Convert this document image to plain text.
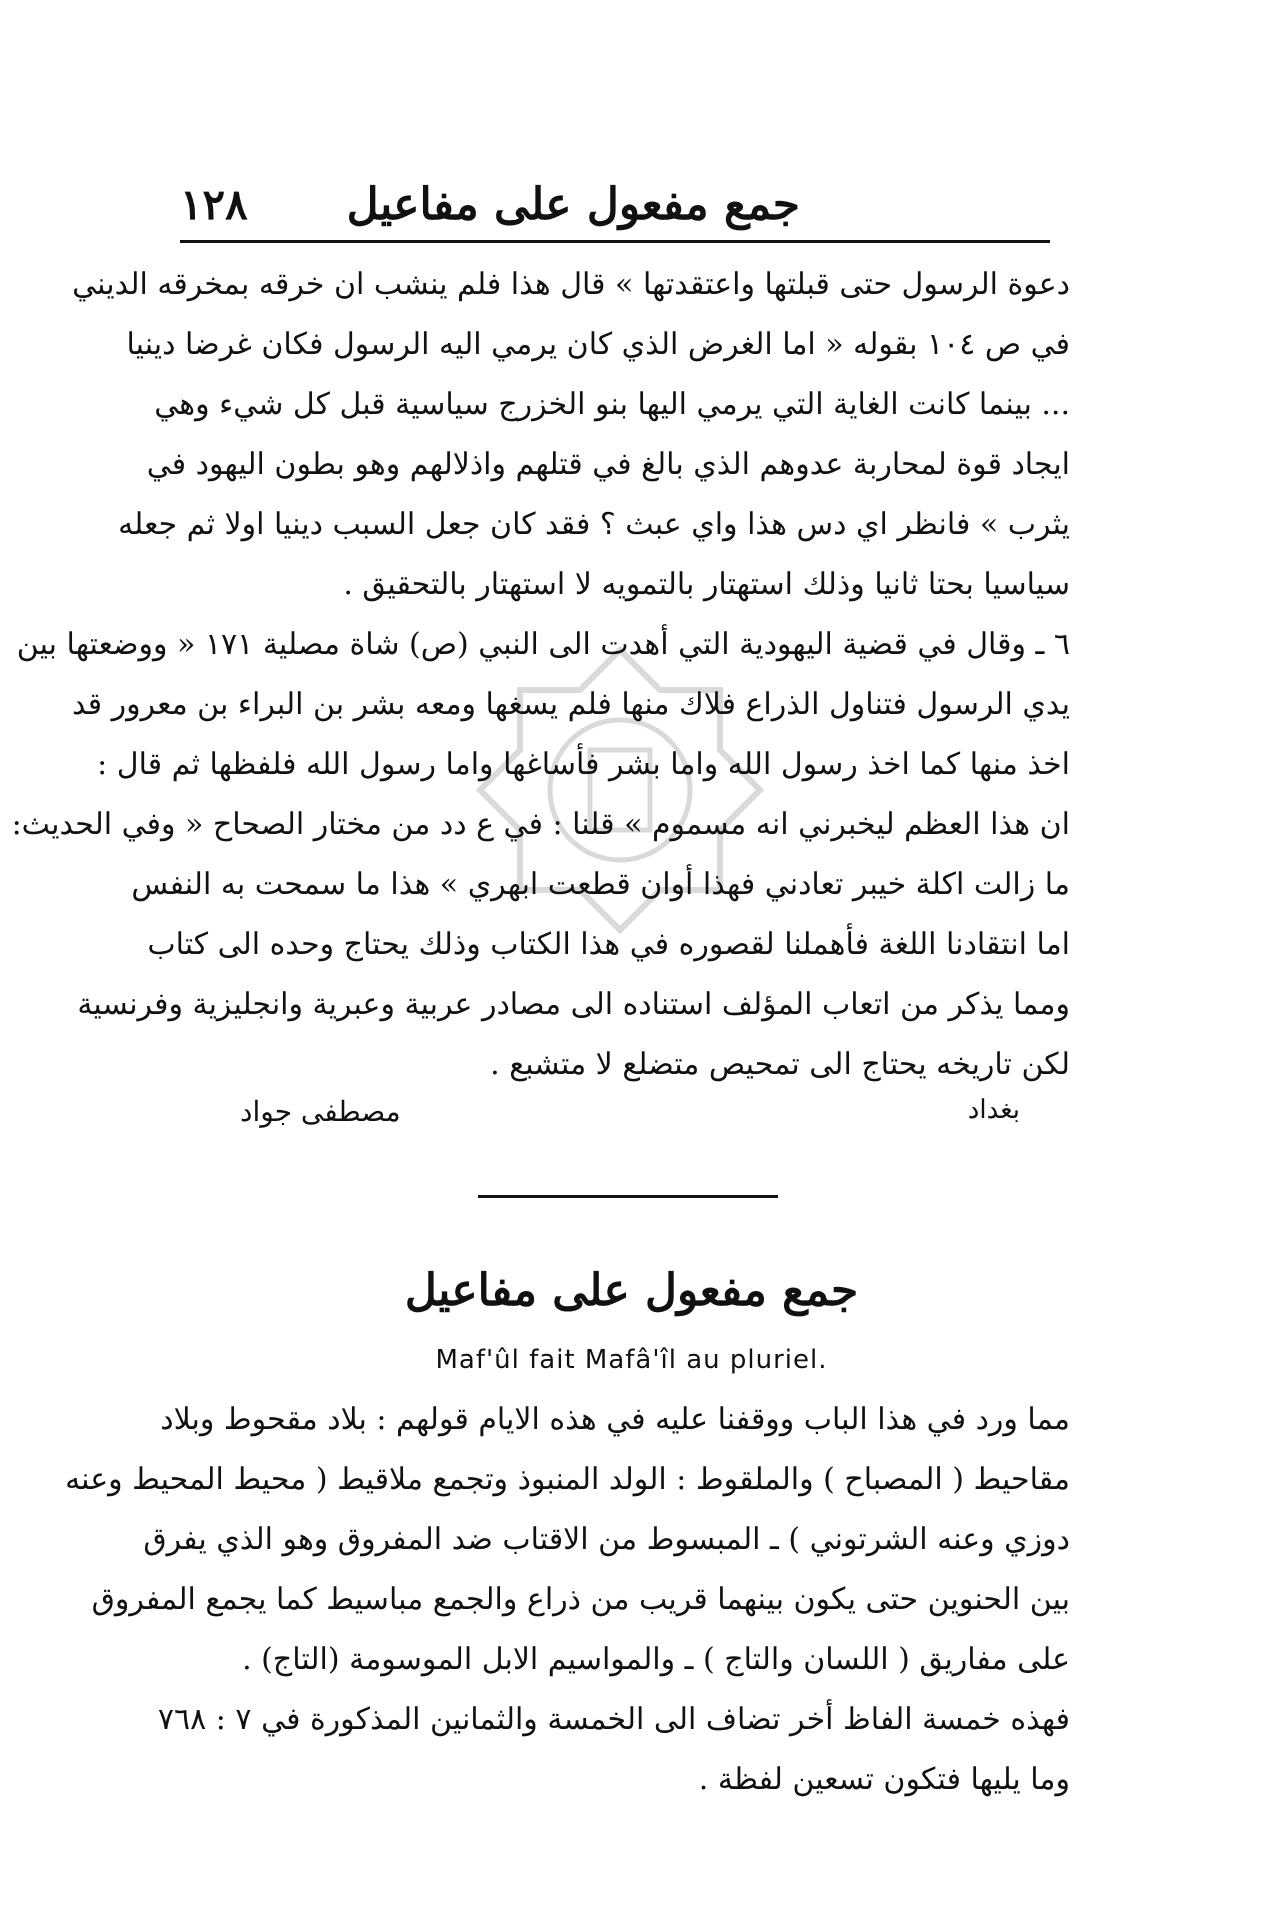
جمع مفعول على مفاعيل
١٢٨
دعوة الرسول حتى قبلتها واعتقدتها » قال هذا فلم ينشب ان خرقه بمخرقه الديني
في ص ١٠٤ بقوله « اما الغرض الذي كان يرمي اليه الرسول فكان غرضا دينيا
... بينما كانت الغاية التي يرمي اليها بنو الخزرج سياسية قبل كل شيء وهي
ايجاد قوة لمحاربة عدوهم الذي بالغ في قتلهم واذلالهم وهو بطون اليهود في
يثرب » فانظر اي دس هذا واي عبث ؟ فقد كان جعل السبب دينيا اولا ثم جعله
سياسيا بحتا ثانيا وذلك استهتار بالتمويه لا استهتار بالتحقيق .
٦ ـ وقال في قضية اليهودية التي أهدت الى النبي (ص) شاة مصلية ١٧١ « ووضعتها بين
يدي الرسول فتناول الذراع فلاك منها فلم يسغها ومعه بشر بن البراء بن معرور قد
اخذ منها كما اخذ رسول الله واما بشر فأساغها واما رسول الله فلفظها ثم قال :
ان هذا العظم ليخبرني انه مسموم » قلنا : في ع دد من مختار الصحاح « وفي الحديث:
ما زالت اكلة خيبر تعادني فهذا أوان قطعت ابهري » هذا ما سمحت به النفس
اما انتقادنا اللغة فأهملنا لقصوره في هذا الكتاب وذلك يحتاج وحده الى كتاب
ومما يذكر من اتعاب المؤلف استناده الى مصادر عربية وعبرية وانجليزية وفرنسية
لكن تاريخه يحتاج الى تمحيص متضلع لا متشبع .
بغداد
مصطفى جواد
جمع مفعول على مفاعيل
Maf'ûl fait Mafâ'îl au pluriel.
مما ورد في هذا الباب ووقفنا عليه في هذه الايام قولهم : بلاد مقحوط وبلاد
مقاحيط ( المصباح ) والملقوط : الولد المنبوذ وتجمع ملاقيط ( محيط المحيط وعنه
دوزي وعنه الشرتوني ) ـ المبسوط من الاقتاب ضد المفروق وهو الذي يفرق
بين الحنوين حتى يكون بينهما قريب من ذراع والجمع مباسيط كما يجمع المفروق
على مفاريق ( اللسان والتاج ) ـ والمواسيم الابل الموسومة (التاج) .
فهذه خمسة الفاظ أخر تضاف الى الخمسة والثمانين المذكورة في ٧ : ٧٦٨
وما يليها فتكون تسعين لفظة .
